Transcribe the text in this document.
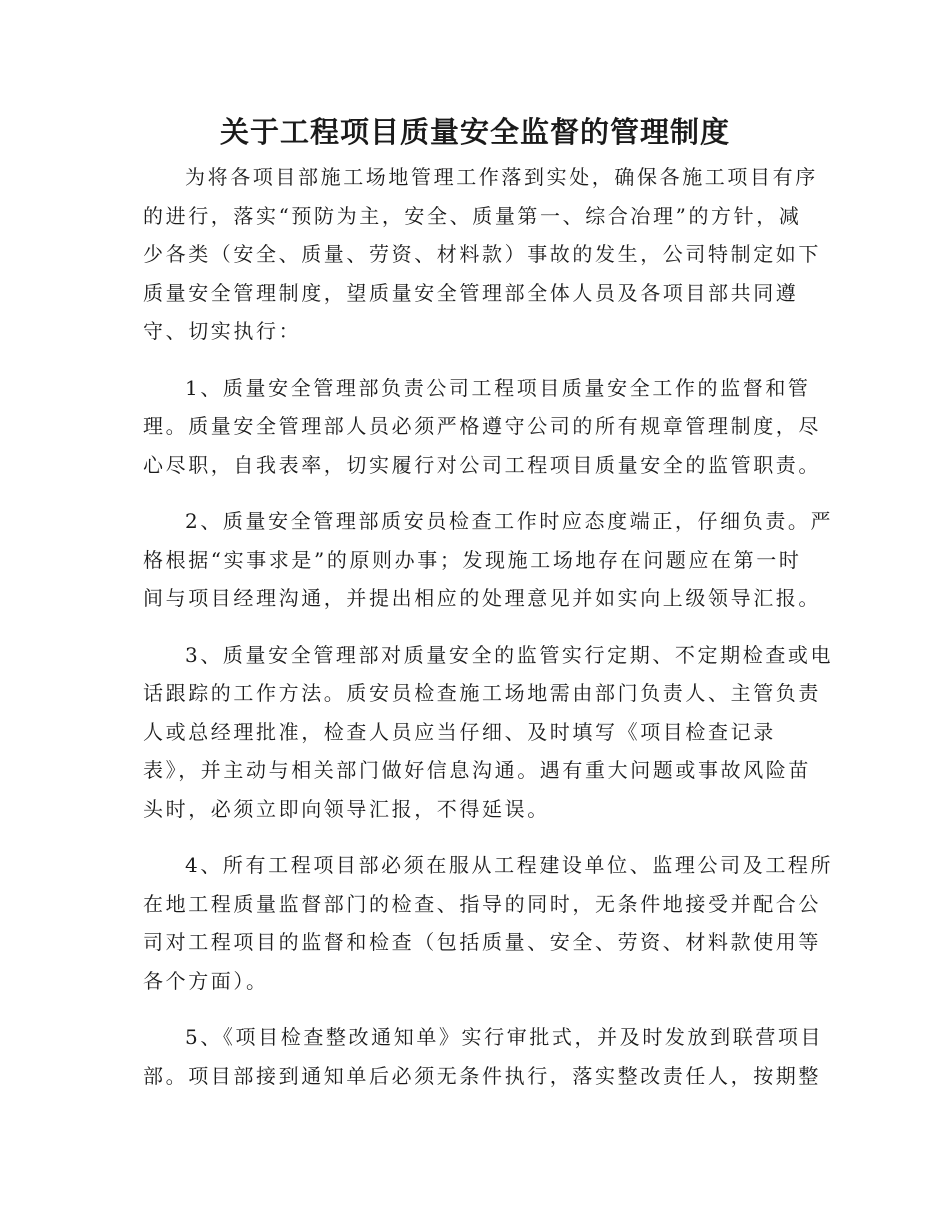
关于工程项目质量安全监督的管理制度
为将各项目部施工场地管理工作落到实处，确保各施工项目有序
的进行，落实“预防为主，安全、质量第一、综合冶理”的方针，减
少各类（安全、质量、劳资、材料款）事故的发生，公司特制定如下
质量安全管理制度，望质量安全管理部全体人员及各项目部共同遵
守、切实执行：
1、质量安全管理部负责公司工程项目质量安全工作的监督和管
理。质量安全管理部人员必须严格遵守公司的所有规章管理制度，尽
心尽职，自我表率，切实履行对公司工程项目质量安全的监管职责。
2、质量安全管理部质安员检查工作时应态度端正，仔细负责。严
格根据“实事求是”的原则办事；发现施工场地存在问题应在第一时
间与项目经理沟通，并提出相应的处理意见并如实向上级领导汇报。
3、质量安全管理部对质量安全的监管实行定期、不定期检查或电
话跟踪的工作方法。质安员检查施工场地需由部门负责人、主管负责
人或总经理批准，检查人员应当仔细、及时填写《项目检查记录
表》，并主动与相关部门做好信息沟通。遇有重大问题或事故风险苗
头时，必须立即向领导汇报，不得延误。
4、所有工程项目部必须在服从工程建设单位、监理公司及工程所
在地工程质量监督部门的检查、指导的同时，无条件地接受并配合公
司对工程项目的监督和检查（包括质量、安全、劳资、材料款使用等
各个方面）。
5、《项目检查整改通知单》实行审批式，并及时发放到联营项目
部。项目部接到通知单后必须无条件执行，落实整改责任人，按期整
